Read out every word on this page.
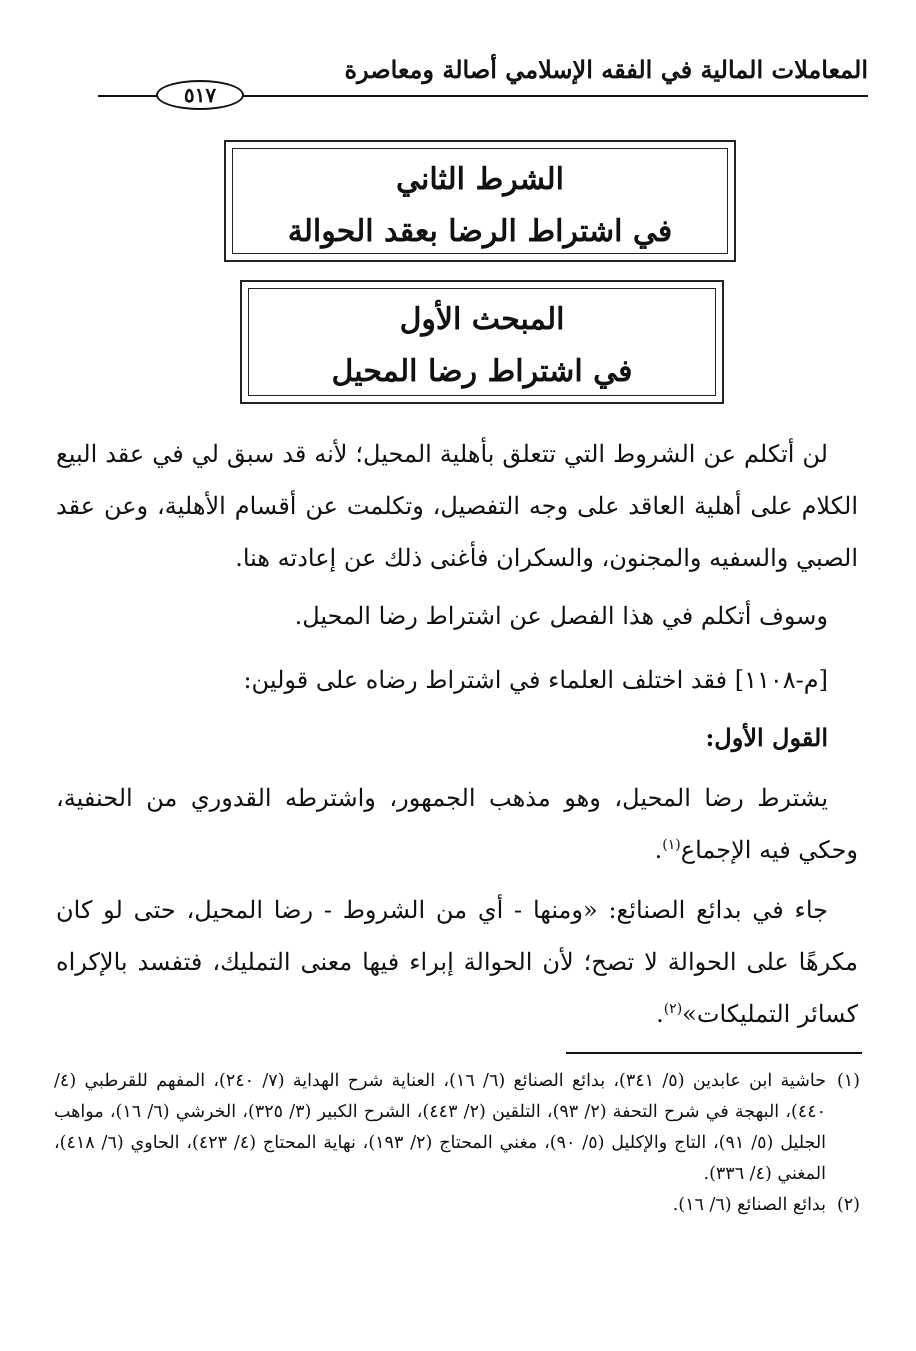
المعاملات المالية في الفقه الإسلامي أصالة ومعاصرة
٥١٧
الشرط الثاني
في اشتراط الرضا بعقد الحوالة
المبحث الأول
في اشتراط رضا المحيل

لن أتكلم عن الشروط التي تتعلق بأهلية المحيل؛ لأنه قد سبق لي في عقد البيع الكلام على أهلية العاقد على وجه التفصيل، وتكلمت عن أقسام الأهلية، وعن عقد الصبي والسفيه والمجنون، والسكران فأغنى ذلك عن إعادته هنا.

وسوف أتكلم في هذا الفصل عن اشتراط رضا المحيل.

[م-١١٠٨] فقد اختلف العلماء في اشتراط رضاه على قولين:

القول الأول:

يشترط رضا المحيل، وهو مذهب الجمهور، واشترطه القدوري من الحنفية، وحكي فيه الإجماع$^{(١)}$.

جاء في بدائع الصنائع: «ومنها - أي من الشروط - رضا المحيل، حتى لو كان مكرهًا على الحوالة لا تصح؛ لأن الحوالة إبراء فيها معنى التمليك، فتفسد بالإكراه كسائر التمليكات»$^{(٢)}$.

(١)
حاشية ابن عابدين (٥/ ٣٤١)، بدائع الصنائع (٦/ ١٦)، العناية شرح الهداية (٧/ ٢٤٠)، المفهم للقرطبي (٤/ ٤٤٠)، البهجة في شرح التحفة (٢/ ٩٣)، التلقين (٢/ ٤٤٣)، الشرح الكبير (٣/ ٣٢٥)، الخرشي (٦/ ١٦)، مواهب الجليل (٥/ ٩١)، التاج والإكليل (٥/ ٩٠)، مغني المحتاج (٢/ ١٩٣)، نهاية المحتاج (٤/ ٤٢٣)، الحاوي (٦/ ٤١٨)، المغني (٤/ ٣٣٦).
(٢)
بدائع الصنائع (٦/ ١٦).
